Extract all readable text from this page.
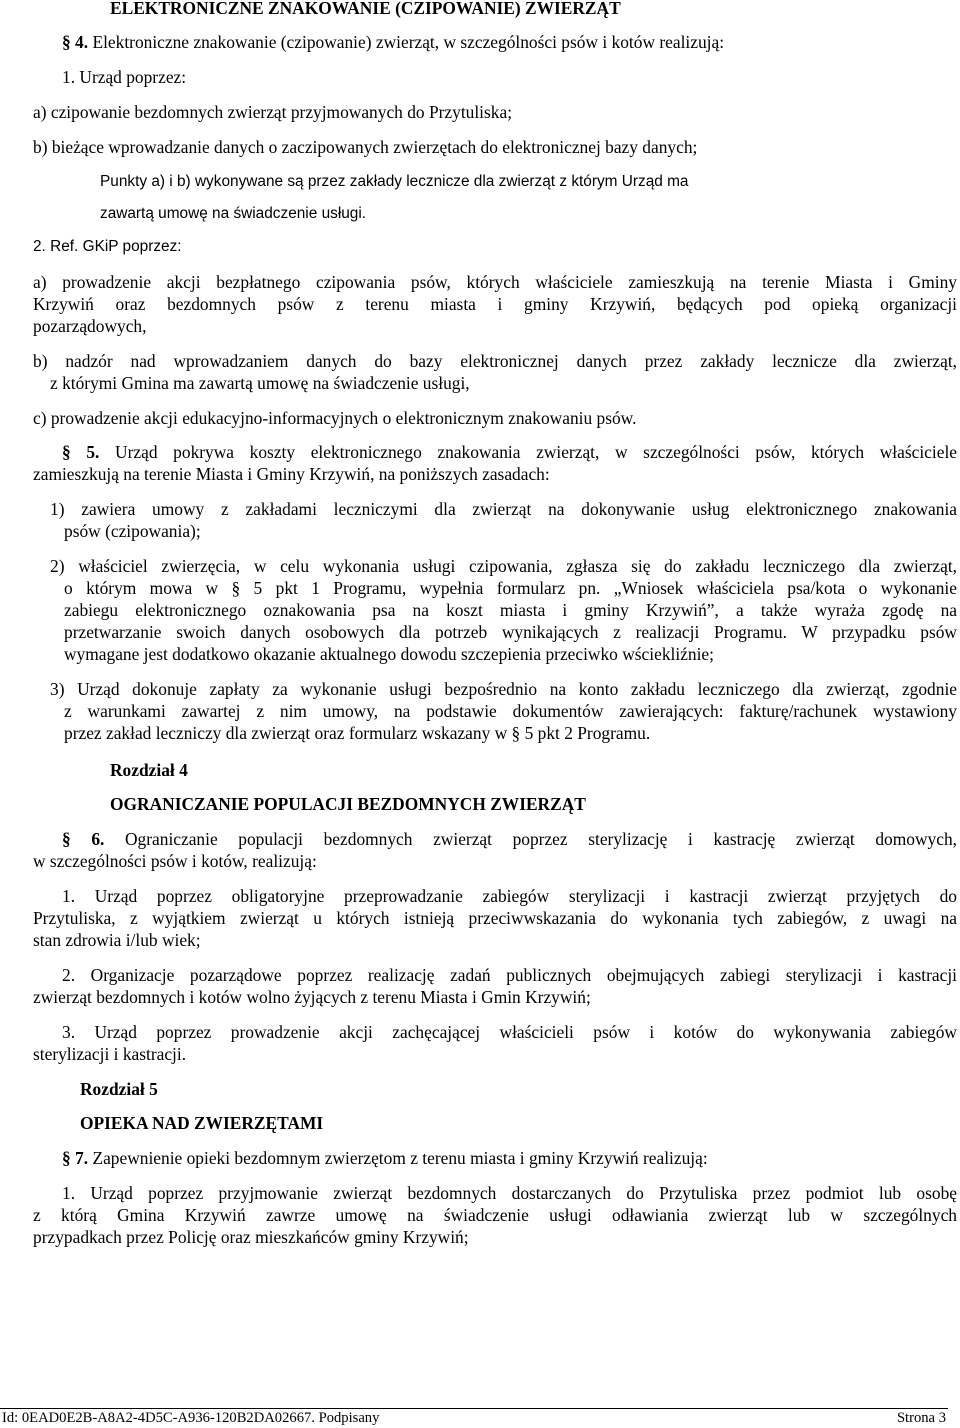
ELEKTRONICZNE ZNAKOWANIE (CZIPOWANIE) ZWIERZĄT
§ 4. Elektroniczne znakowanie (czipowanie) zwierząt, w szczególności psów i kotów realizują:
1. Urząd poprzez:
a) czipowanie bezdomnych zwierząt przyjmowanych do Przytuliska;
b) bieżące wprowadzanie danych o zaczipowanych zwierzętach do elektronicznej bazy danych;
Punkty a) i b) wykonywane są przez zakłady lecznicze dla zwierząt z którym Urząd ma
zawartą umowę na świadczenie usługi.
2. Ref. GKiP poprzez:
a) prowadzenie akcji bezpłatnego czipowania psów, których właściciele zamieszkują na terenie Miasta i Gminy
Krzywiń oraz bezdomnych psów z terenu miasta i gminy Krzywiń, będących pod opieką organizacji
pozarządowych,
b) nadzór nad wprowadzaniem danych do bazy elektronicznej danych przez zakłady lecznicze dla zwierząt,
z którymi Gmina ma zawartą umowę na świadczenie usługi,
c) prowadzenie akcji edukacyjno-informacyjnych o elektronicznym znakowaniu psów.
§ 5. Urząd pokrywa koszty elektronicznego znakowania zwierząt, w szczególności psów, których właściciele
zamieszkują na terenie Miasta i Gminy Krzywiń, na poniższych zasadach:
1) zawiera umowy z zakładami leczniczymi dla zwierząt na dokonywanie usług elektronicznego znakowania
psów (czipowania);
2) właściciel zwierzęcia, w celu wykonania usługi czipowania, zgłasza się do zakładu leczniczego dla zwierząt,
o którym mowa w § 5 pkt 1 Programu, wypełnia formularz pn. „Wniosek właściciela psa/kota o wykonanie
zabiegu elektronicznego oznakowania psa na koszt miasta i gminy Krzywiń”, a także wyraża zgodę na
przetwarzanie swoich danych osobowych dla potrzeb wynikających z realizacji Programu. W przypadku psów
wymagane jest dodatkowo okazanie aktualnego dowodu szczepienia przeciwko wściekliźnie;
3) Urząd dokonuje zapłaty za wykonanie usługi bezpośrednio na konto zakładu leczniczego dla zwierząt, zgodnie
z warunkami zawartej z nim umowy, na podstawie dokumentów zawierających: fakturę/rachunek wystawiony
przez zakład leczniczy dla zwierząt oraz formularz wskazany w § 5 pkt 2 Programu.
Rozdział 4
OGRANICZANIE POPULACJI BEZDOMNYCH ZWIERZĄT
§ 6. Ograniczanie populacji bezdomnych zwierząt poprzez sterylizację i kastrację zwierząt domowych,
w szczególności psów i kotów, realizują:
1. Urząd poprzez obligatoryjne przeprowadzanie zabiegów sterylizacji i kastracji zwierząt przyjętych do
Przytuliska, z wyjątkiem zwierząt u których istnieją przeciwwskazania do wykonania tych zabiegów, z uwagi na
stan zdrowia i/lub wiek;
2. Organizacje pozarządowe poprzez realizację zadań publicznych obejmujących zabiegi sterylizacji i kastracji
zwierząt bezdomnych i kotów wolno żyjących z terenu Miasta i Gmin Krzywiń;
3. Urząd poprzez prowadzenie akcji zachęcającej właścicieli psów i kotów do wykonywania zabiegów
sterylizacji i kastracji.
Rozdział 5
OPIEKA NAD ZWIERZĘTAMI
§ 7. Zapewnienie opieki bezdomnym zwierzętom z terenu miasta i gminy Krzywiń realizują:
1. Urząd poprzez przyjmowanie zwierząt bezdomnych dostarczanych do Przytuliska przez podmiot lub osobę
z którą Gmina Krzywiń zawrze umowę na świadczenie usługi odławiania zwierząt lub w szczególnych
przypadkach przez Policję oraz mieszkańców gminy Krzywiń;
Id: 0EAD0E2B-A8A2-4D5C-A936-120B2DA02667. Podpisany	Strona 3
